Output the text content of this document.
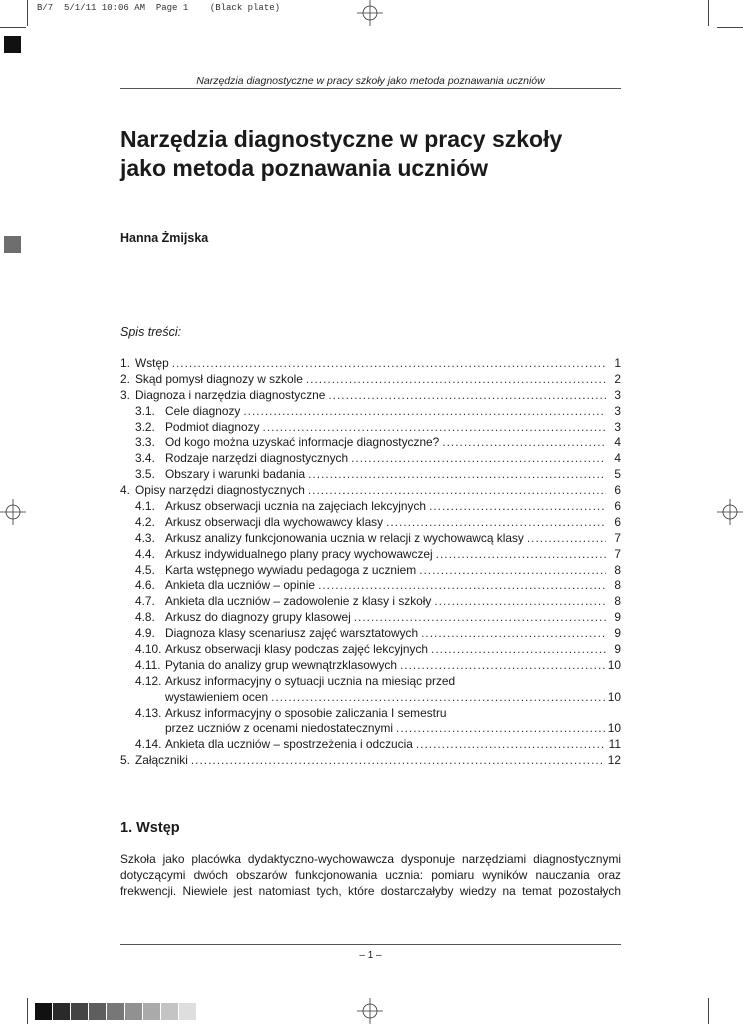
B/7  5/1/11 10:06 AM  Page 1    (Black plate)
Narzędzia diagnostyczne w pracy szkoły jako metoda poznawania uczniów
Narzędzia diagnostyczne w pracy szkoły
jako metoda poznawania uczniów
Hanna Żmijska
Spis treści:
1. Wstęp .....	1
2. Skąd pomysł diagnozy w szkole .....	2
3. Diagnoza i narzędzia diagnostyczne .....	3
3.1. Cele diagnozy .....	3
3.2. Podmiot diagnozy .....	3
3.3. Od kogo można uzyskać informacje diagnostyczne? .....	4
3.4. Rodzaje narzędzi diagnostycznych .....	4
3.5. Obszary i warunki badania .....	5
4. Opisy narzędzi diagnostycznych .....	6
4.1. Arkusz obserwacji ucznia na zajęciach lekcyjnych .....	6
4.2. Arkusz obserwacji dla wychowawcy klasy .....	6
4.3. Arkusz analizy funkcjonowania ucznia w relacji z wychowawcą klasy .....	7
4.4. Arkusz indywidualnego plany pracy wychowawczej .....	7
4.5. Karta wstępnego wywiadu pedagoga z uczniem .....	8
4.6. Ankieta dla uczniów – opinie .....	8
4.7. Ankieta dla uczniów – zadowolenie z klasy i szkoły .....	8
4.8. Arkusz do diagnozy grupy klasowej .....	9
4.9. Diagnoza klasy scenariusz zajęć warsztatowych .....	9
4.10. Arkusz obserwacji klasy podczas zajęć lekcyjnych .....	9
4.11. Pytania do analizy grup wewnątrzklasowych .....	10
4.12. Arkusz informacyjny o sytuacji ucznia na miesiąc przed
wystawieniem ocen .....	10
4.13. Arkusz informacyjny o sposobie zaliczania I semestru
przez uczniów z ocenami niedostatecznymi .....	10
4.14. Ankieta dla uczniów – spostrzeżenia i odczucia .....	11
5. Załączniki .....	12
1. Wstęp
Szkoła jako placówka dydaktyczno-wychowawcza dysponuje narzędziami diagnostycznymi
dotyczącymi dwóch obszarów funkcjonowania ucznia: pomiaru wyników nauczania oraz
frekwencji. Niewiele jest natomiast tych, które dostarczałyby wiedzy na temat pozostałych
– 1 –
